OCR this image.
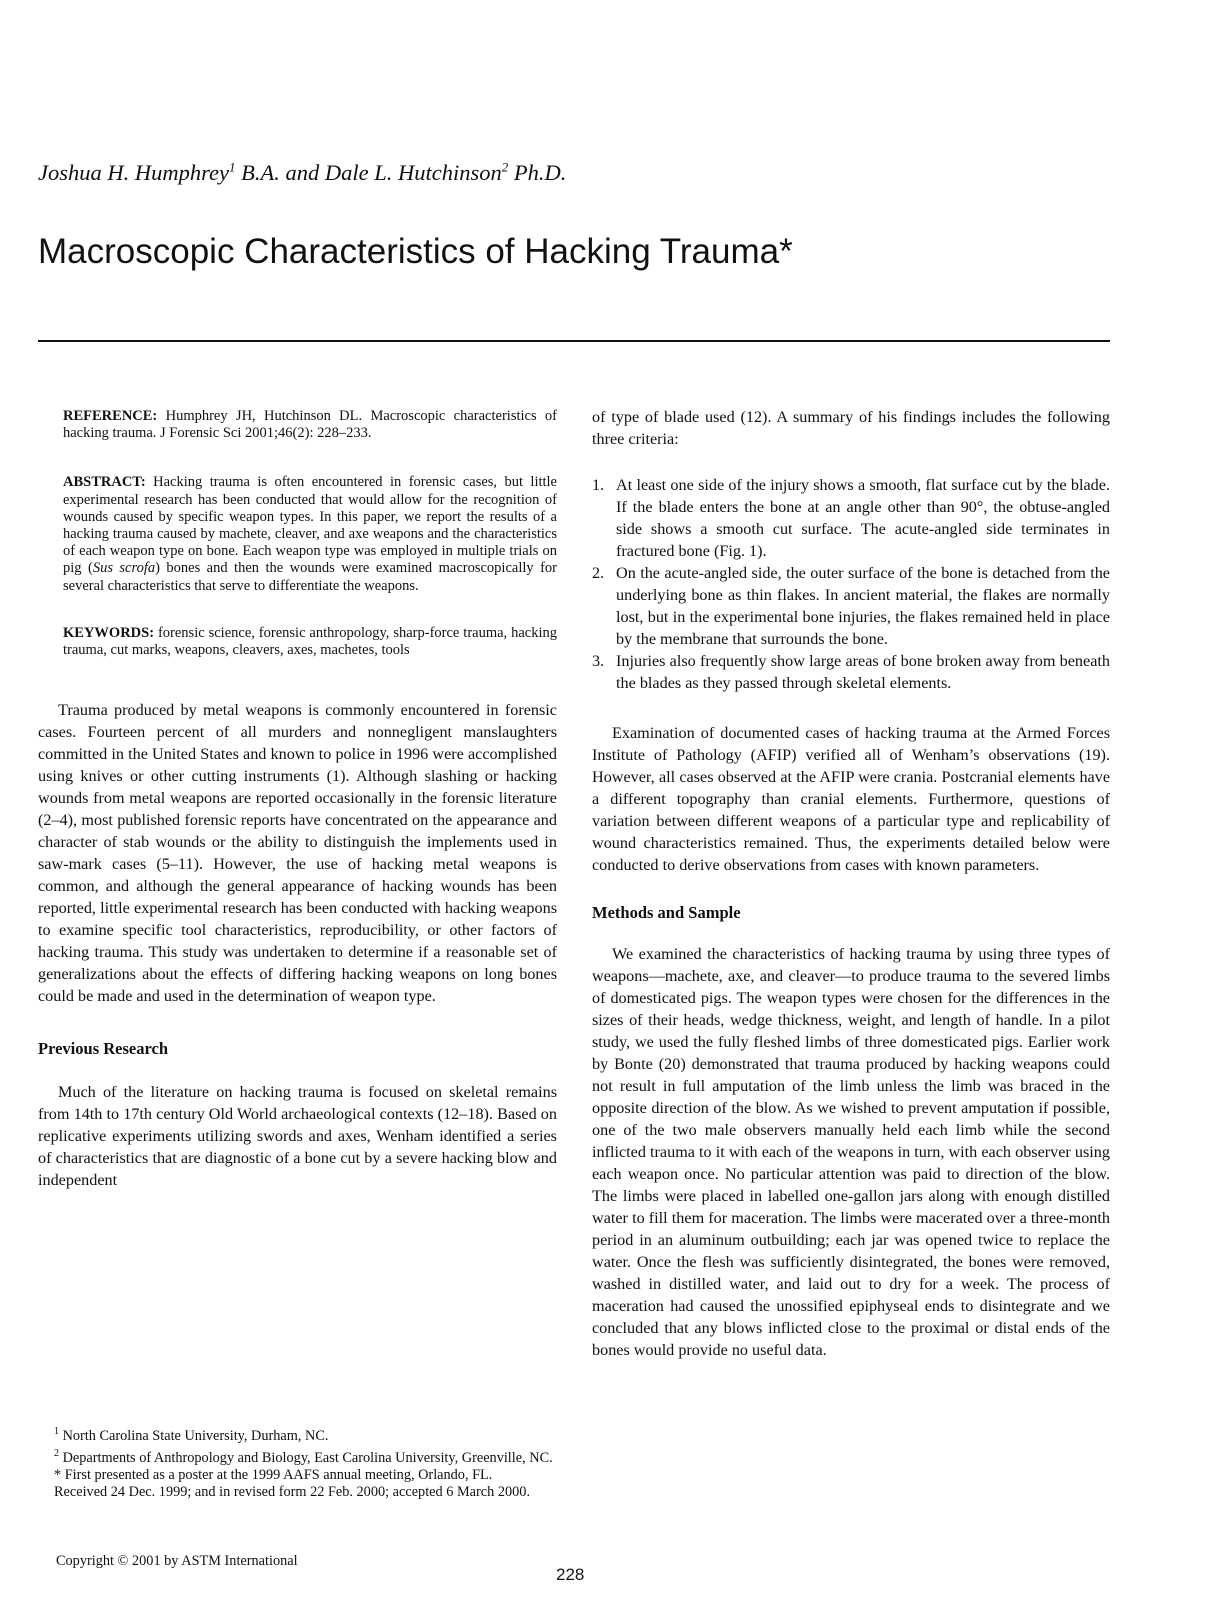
Joshua H. Humphrey$^1$ B.A. and Dale L. Hutchinson$^2$ Ph.D.
Macroscopic Characteristics of Hacking Trauma*
REFERENCE: Humphrey JH, Hutchinson DL. Macroscopic characteristics of hacking trauma. J Forensic Sci 2001;46(2): 228–233.
ABSTRACT: Hacking trauma is often encountered in forensic cases, but little experimental research has been conducted that would allow for the recognition of wounds caused by specific weapon types. In this paper, we report the results of a hacking trauma caused by machete, cleaver, and axe weapons and the characteristics of each weapon type on bone. Each weapon type was employed in multiple trials on pig (Sus scrofa) bones and then the wounds were examined macroscopically for several characteristics that serve to differentiate the weapons.
KEYWORDS: forensic science, forensic anthropology, sharp-force trauma, hacking trauma, cut marks, weapons, cleavers, axes, machetes, tools

Trauma produced by metal weapons is commonly encountered in forensic cases. Fourteen percent of all murders and nonnegligent manslaughters committed in the United States and known to police in 1996 were accomplished using knives or other cutting instruments (1). Although slashing or hacking wounds from metal weapons are reported occasionally in the forensic literature (2–4), most published forensic reports have concentrated on the appearance and character of stab wounds or the ability to distinguish the implements used in saw-mark cases (5–11). However, the use of hacking metal weapons is common, and although the general appearance of hacking wounds has been reported, little experimental research has been conducted with hacking weapons to examine specific tool characteristics, reproducibility, or other factors of hacking trauma. This study was undertaken to determine if a reasonable set of generalizations about the effects of differing hacking weapons on long bones could be made and used in the determination of weapon type.

Previous Research

Much of the literature on hacking trauma is focused on skeletal remains from 14th to 17th century Old World archaeological contexts (12–18). Based on replicative experiments utilizing swords and axes, Wenham identified a series of characteristics that are diagnostic of a bone cut by a severe hacking blow and independent

$^1$ North Carolina State University, Durham, NC.

$^2$ Departments of Anthropology and Biology, East Carolina University, Greenville, NC.

* First presented as a poster at the 1999 AAFS annual meeting, Orlando, FL.

Received 24 Dec. 1999; and in revised form 22 Feb. 2000; accepted 6 March 2000.

Copyright © 2001 by ASTM International
228

of type of blade used (12). A summary of his findings includes the following three criteria:

1. At least one side of the injury shows a smooth, flat surface cut by the blade. If the blade enters the bone at an angle other than 90°, the obtuse-angled side shows a smooth cut surface. The acute-angled side terminates in fractured bone (Fig. 1).
2. On the acute-angled side, the outer surface of the bone is detached from the underlying bone as thin flakes. In ancient material, the flakes are normally lost, but in the experimental bone injuries, the flakes remained held in place by the membrane that surrounds the bone.
3. Injuries also frequently show large areas of bone broken away from beneath the blades as they passed through skeletal elements.

Examination of documented cases of hacking trauma at the Armed Forces Institute of Pathology (AFIP) verified all of Wenham’s observations (19). However, all cases observed at the AFIP were crania. Postcranial elements have a different topography than cranial elements. Furthermore, questions of variation between different weapons of a particular type and replicability of wound characteristics remained. Thus, the experiments detailed below were conducted to derive observations from cases with known parameters.

Methods and Sample

We examined the characteristics of hacking trauma by using three types of weapons—machete, axe, and cleaver—to produce trauma to the severed limbs of domesticated pigs. The weapon types were chosen for the differences in the sizes of their heads, wedge thickness, weight, and length of handle. In a pilot study, we used the fully fleshed limbs of three domesticated pigs. Earlier work by Bonte (20) demonstrated that trauma produced by hacking weapons could not result in full amputation of the limb unless the limb was braced in the opposite direction of the blow. As we wished to prevent amputation if possible, one of the two male observers manually held each limb while the second inflicted trauma to it with each of the weapons in turn, with each observer using each weapon once. No particular attention was paid to direction of the blow. The limbs were placed in labelled one-gallon jars along with enough distilled water to fill them for maceration. The limbs were macerated over a three-month period in an aluminum outbuilding; each jar was opened twice to replace the water. Once the flesh was sufficiently disintegrated, the bones were removed, washed in distilled water, and laid out to dry for a week. The process of maceration had caused the unossified epiphyseal ends to disintegrate and we concluded that any blows inflicted close to the proximal or distal ends of the bones would provide no useful data.
